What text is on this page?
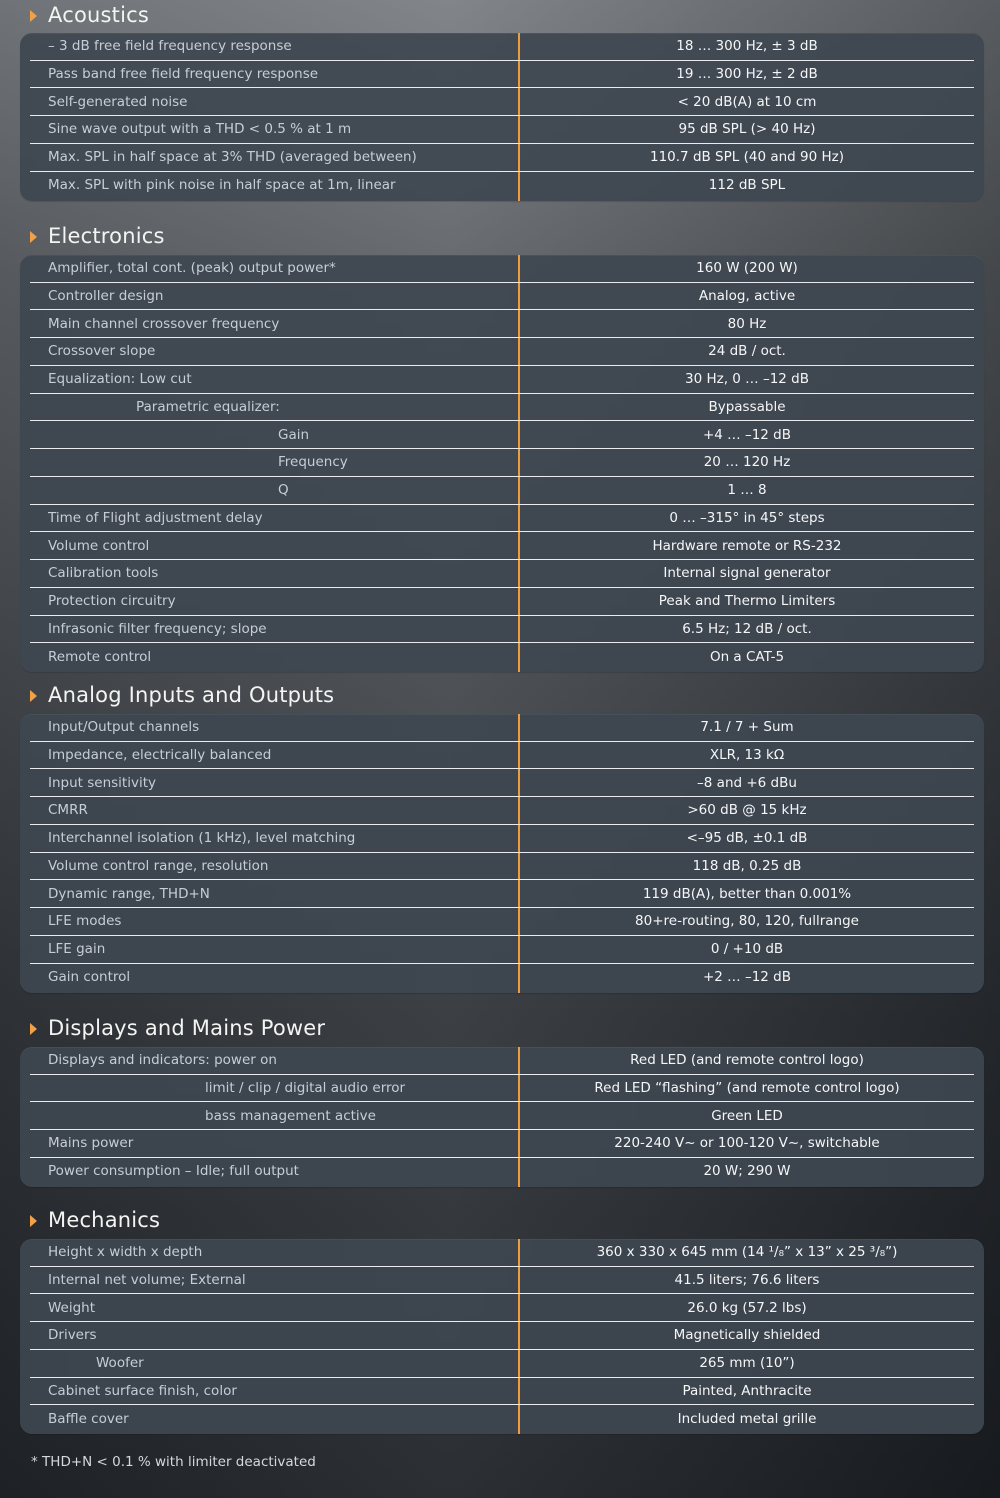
Acoustics
– 3 dB free field frequency response	18 … 300 Hz, ± 3 dB
Pass band free field frequency response	19 … 300 Hz, ± 2 dB
Self-generated noise	< 20 dB(A) at 10 cm
Sine wave output with a THD < 0.5 % at 1 m	95 dB SPL (> 40 Hz)
Max. SPL in half space at 3% THD (averaged between)	110.7 dB SPL (40 and 90 Hz)
Max. SPL with pink noise in half space at 1m, linear	112 dB SPL
Electronics
Amplifier, total cont. (peak) output power*	160 W (200 W)
Controller design	Analog, active
Main channel crossover frequency	80 Hz
Crossover slope	24 dB / oct.
Equalization: Low cut	30 Hz, 0 … –12 dB
Parametric equalizer:	Bypassable
Gain	+4 … –12 dB
Frequency	20 … 120 Hz
Q	1 … 8
Time of Flight adjustment delay	0 … –315° in 45° steps
Volume control	Hardware remote or RS-232
Calibration tools	Internal signal generator
Protection circuitry	Peak and Thermo Limiters
Infrasonic filter frequency; slope	6.5 Hz; 12 dB / oct.
Remote control	On a CAT-5
Analog Inputs and Outputs
Input/Output channels	7.1 / 7 + Sum
Impedance, electrically balanced	XLR, 13 kΩ
Input sensitivity	–8 and +6 dBu
CMRR	>60 dB @ 15 kHz
Interchannel isolation (1 kHz), level matching	<–95 dB, ±0.1 dB
Volume control range, resolution	118 dB, 0.25 dB
Dynamic range, THD+N	119 dB(A), better than 0.001%
LFE modes	80+re-routing, 80, 120, fullrange
LFE gain	0 / +10 dB
Gain control	+2 … –12 dB
Displays and Mains Power
Displays and indicators: power on	Red LED (and remote control logo)
limit / clip / digital audio error	Red LED “flashing” (and remote control logo)
bass management active	Green LED
Mains power	220-240 V~ or 100-120 V~, switchable
Power consumption – Idle; full output	20 W; 290 W
Mechanics
Height x width x depth	360 x 330 x 645 mm (14 ¹/₈” x 13” x 25 ³/₈”)
Internal net volume; External	41.5 liters; 76.6 liters
Weight	26.0 kg (57.2 lbs)
Drivers	Magnetically shielded
Woofer	265 mm (10”)
Cabinet surface finish, color	Painted, Anthracite
Baffle cover	Included metal grille
* THD+N < 0.1 % with limiter deactivated
